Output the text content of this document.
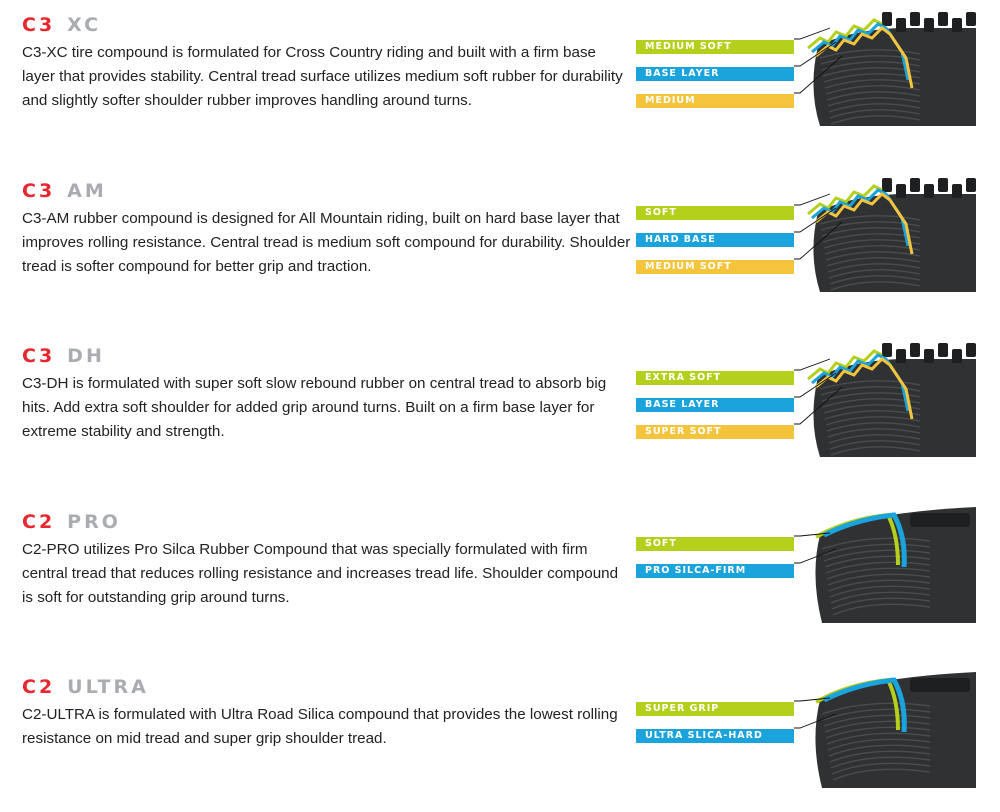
C3 XC

C3-XC tire compound is formulated for Cross Country riding and built with a firm base layer that provides stability. Central tread surface utilizes medium soft rubber for durability and slightly softer shoulder rubber improves handling around turns.

MEDIUM SOFT
BASE LAYER
MEDIUM
C3 AM

C3-AM rubber compound is designed for All Mountain riding, built on hard base layer that improves rolling resistance. Central tread is medium soft compound for durability. Shoulder tread is softer compound for better grip and traction.

SOFT
HARD BASE
MEDIUM SOFT
C3 DH

C3-DH is formulated with super soft slow rebound rubber on central tread to absorb big hits. Add extra soft shoulder for added grip around turns. Built on a firm base layer for extreme stability and strength.

EXTRA SOFT
BASE LAYER
SUPER SOFT
C2 PRO

C2-PRO utilizes Pro Silca Rubber Compound that was specially formulated with firm central tread that reduces rolling resistance and increases tread life. Shoulder compound is soft for outstanding grip around turns.

SOFT
PRO SILCA-FIRM
C2 ULTRA

C2-ULTRA is formulated with Ultra Road Silica compound that provides the lowest rolling resistance on mid tread and super grip shoulder tread.

SUPER GRIP
ULTRA SLICA-HARD
